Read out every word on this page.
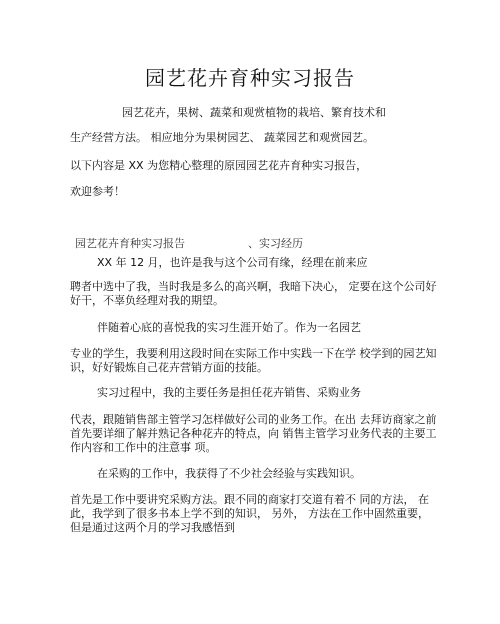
园艺花卉育种实习报告
园艺花卉，果树、蔬菜和观赏植物的栽培、繁育技术和
生产经营方法。 相应地分为果树园艺、 蔬菜园艺和观赏园艺。
以下内容是 XX 为您精心整理的原园园艺花卉育种实习报告，
欢迎参考！
园艺花卉育种实习报告	、实习经历
XX 年 12 月，也许是我与这个公司有缘，经理在前来应
聘者中选中了我，当时我是多么的高兴啊，我暗下决心， 定要在这个公司好
好干，不辜负经理对我的期望。
伴随着心底的喜悦我的实习生涯开始了。作为一名园艺
专业的学生，我要利用这段时间在实际工作中实践一下在学 校学到的园艺知
识，好好锻炼自己花卉营销方面的技能。
实习过程中，我的主要任务是担任花卉销售、采购业务
代表，跟随销售部主管学习怎样做好公司的业务工作。在出 去拜访商家之前
首先要详细了解并熟记各种花卉的特点，向 销售主管学习业务代表的主要工
作内容和工作中的注意事 项。
在采购的工作中，我获得了不少社会经验与实践知识。
首先是工作中要讲究采购方法。跟不同的商家打交道有着不 同的方法， 在
此，我学到了很多书本上学不到的知识， 另外， 方法在工作中固然重要，
但是通过这两个月的学习我感悟到
